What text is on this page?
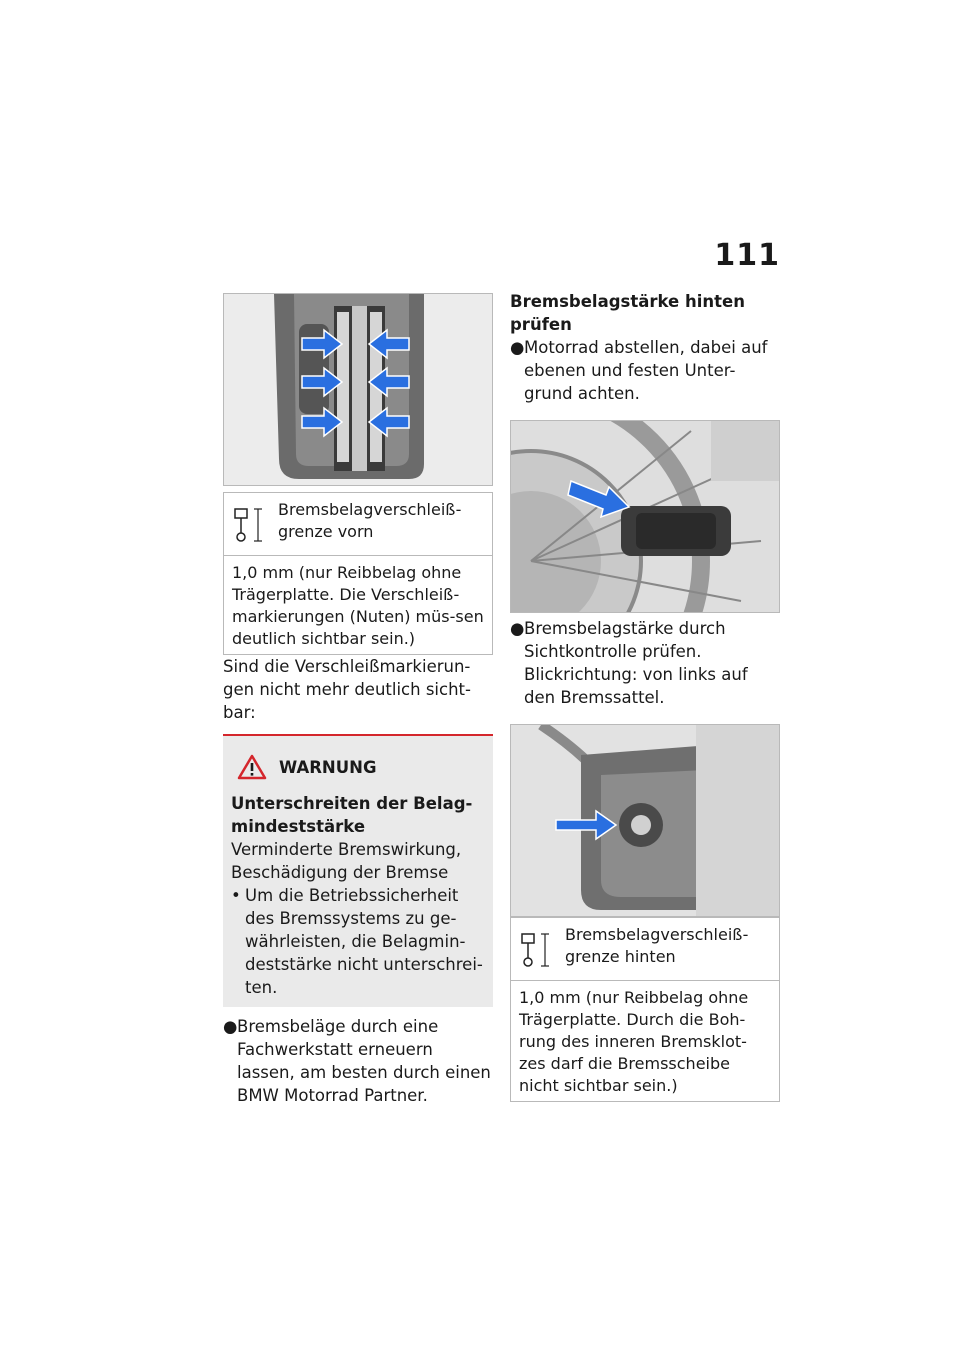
111
Bremsbelagverschleiß-grenze vorn
1,0 mm (nur Reibbelag ohne Trägerplatte. Die Verschleiß-markierungen (Nuten) müs-sen deutlich sichtbar sein.)
Sind die Verschleißmarkierun-gen nicht mehr deutlich sicht-bar:
WARNUNG
Unterschreiten der Belag-mindeststärke
Verminderte Bremswirkung, Beschädigung der Bremse
• Um die Betriebssicherheit des Bremssystems zu ge-währleisten, die Belagmin-deststärke nicht unterschrei-ten.
● Bremsbeläge durch eine Fachwerkstatt erneuern lassen, am besten durch einen BMW Motorrad Partner.
Bremsbelagstärke hinten prüfen
● Motorrad abstellen, dabei auf ebenen und festen Unter-grund achten.
● Bremsbelagstärke durch Sichtkontrolle prüfen. Blickrichtung: von links auf den Bremssattel.
Bremsbelagverschleiß-grenze hinten
1,0 mm (nur Reibbelag ohne Trägerplatte. Durch die Boh-rung des inneren Bremsklot-zes darf die Bremsscheibe nicht sichtbar sein.)
